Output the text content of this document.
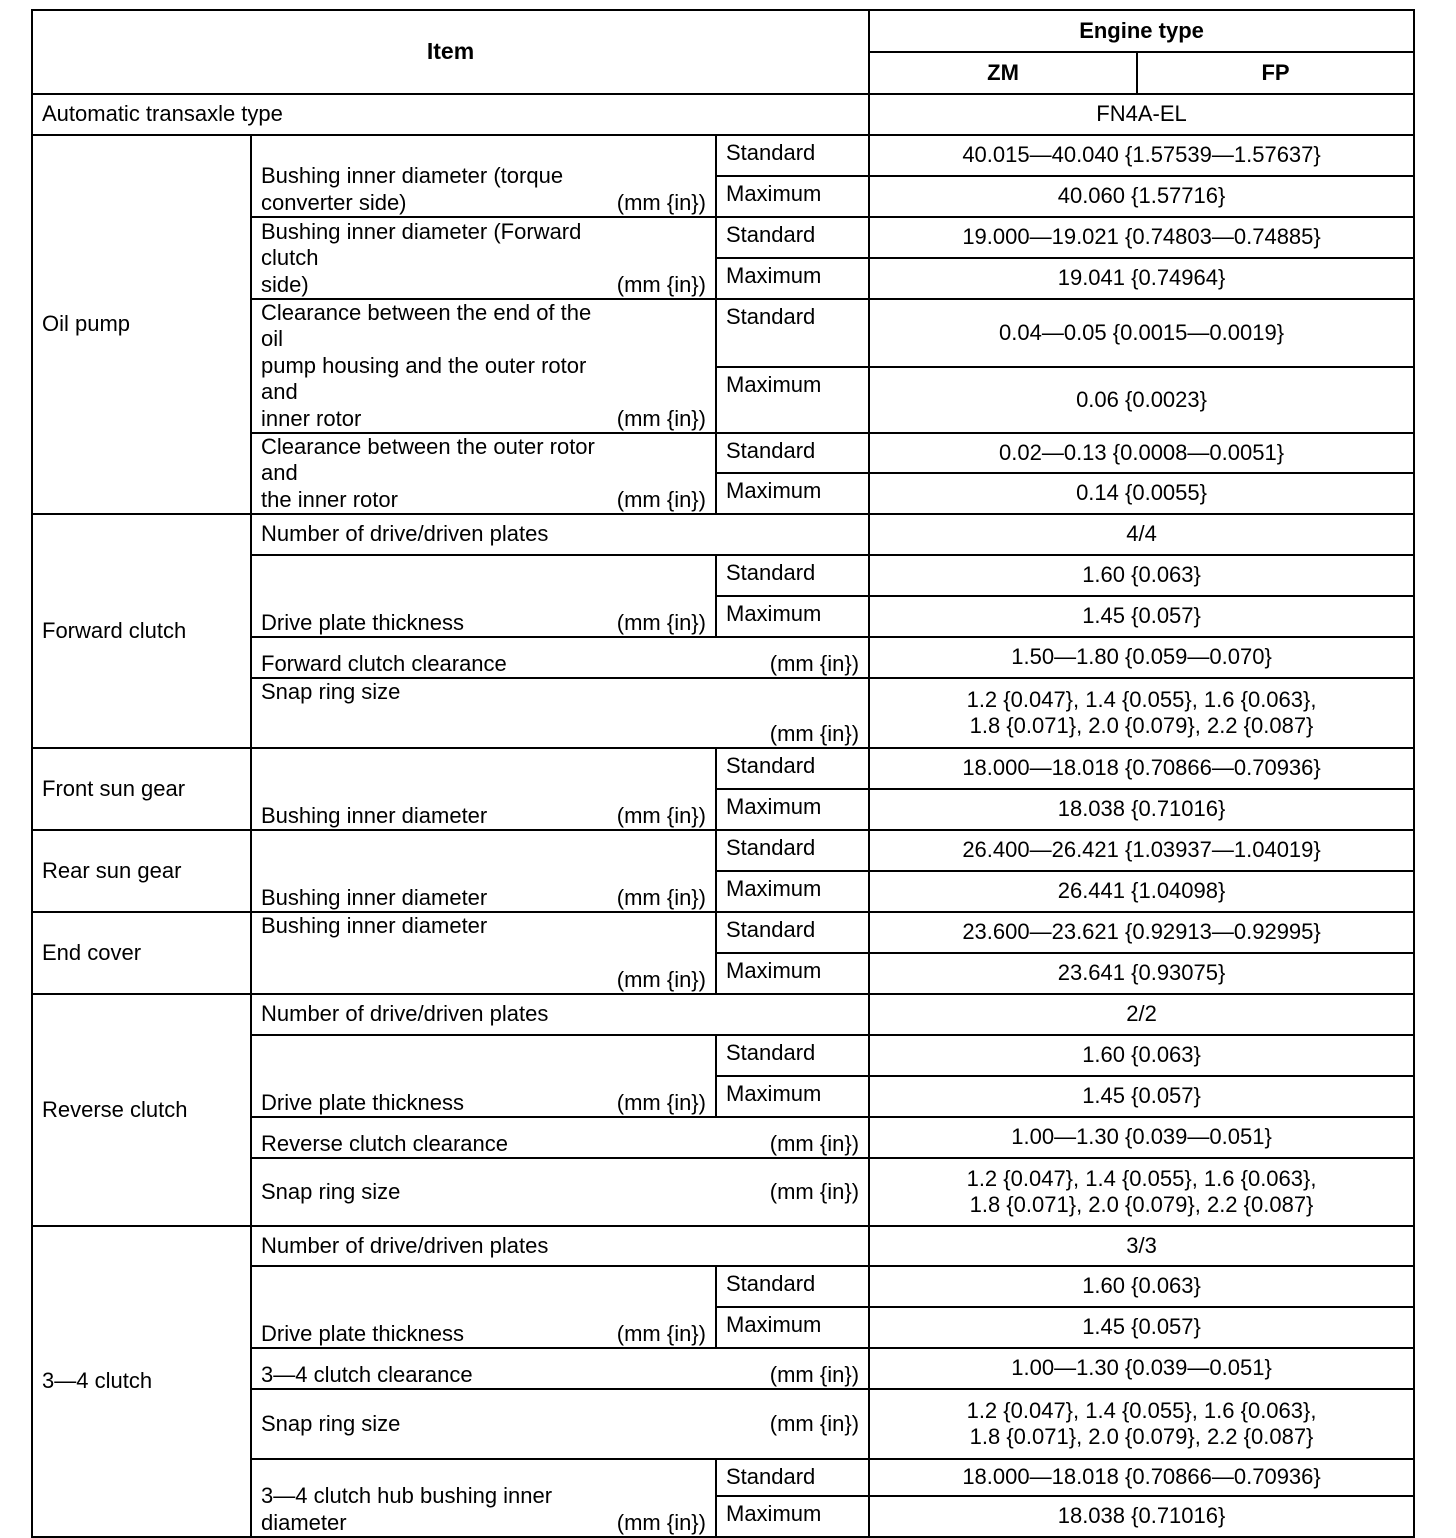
Item			Engine type	
			ZM	FP
Automatic transaxle type			FN4A-EL	
Oil pump	Bushing inner diameter (torque
converter side) (mm {in})	Standard	40.015—40.040 {1.57539—1.57637}	
		Maximum	40.060 {1.57716}	

	Bushing inner diameter (Forward clutch
side) (mm {in})	Standard	19.000—19.021 {0.74803—0.74885}	
		Maximum	19.041 {0.74964}	

	Clearance between the end of the oil
pump housing and the outer rotor and
inner rotor (mm {in})	Standard	0.04—0.05 {0.0015—0.0019}	
		Maximum	0.06 {0.0023}	

	Clearance between the outer rotor and
the inner rotor (mm {in})	Standard	0.02—0.13 {0.0008—0.0051}	
		Maximum	0.14 {0.0055}	
Forward clutch	Number of drive/driven plates		4/4	

	Drive plate thickness (mm {in})	Standard	1.60 {0.063}	
		Maximum	1.45 {0.057}	

	Forward clutch clearance (mm {in})		1.50—1.80 {0.059—0.070}	

	Snap ring size
(mm {in})		1.2 {0.047}, 1.4 {0.055}, 1.6 {0.063},
1.8 {0.071}, 2.0 {0.079}, 2.2 {0.087}	
Front sun gear	Bushing inner diameter (mm {in})	Standard	18.000—18.018 {0.70866—0.70936}	
		Maximum	18.038 {0.71016}	
Rear sun gear	Bushing inner diameter (mm {in})	Standard	26.400—26.421 {1.03937—1.04019}	
		Maximum	26.441 {1.04098}	
End cover	Bushing inner diameter
(mm {in})	Standard	23.600—23.621 {0.92913—0.92995}	
		Maximum	23.641 {0.93075}	
Reverse clutch	Number of drive/driven plates		2/2	

	Drive plate thickness (mm {in})	Standard	1.60 {0.063}	
		Maximum	1.45 {0.057}	

	Reverse clutch clearance (mm {in})		1.00—1.30 {0.039—0.051}	

	Snap ring size (mm {in})		1.2 {0.047}, 1.4 {0.055}, 1.6 {0.063},
1.8 {0.071}, 2.0 {0.079}, 2.2 {0.087}	
3—4 clutch	Number of drive/driven plates		3/3	

	Drive plate thickness (mm {in})	Standard	1.60 {0.063}	
		Maximum	1.45 {0.057}	

	3—4 clutch clearance (mm {in})		1.00—1.30 {0.039—0.051}	

	Snap ring size (mm {in})		1.2 {0.047}, 1.4 {0.055}, 1.6 {0.063},
1.8 {0.071}, 2.0 {0.079}, 2.2 {0.087}	

	3—4 clutch hub bushing inner diameter (mm {in})	Standard	18.000—18.018 {0.70866—0.70936}	
		Maximum	18.038 {0.71016}	
